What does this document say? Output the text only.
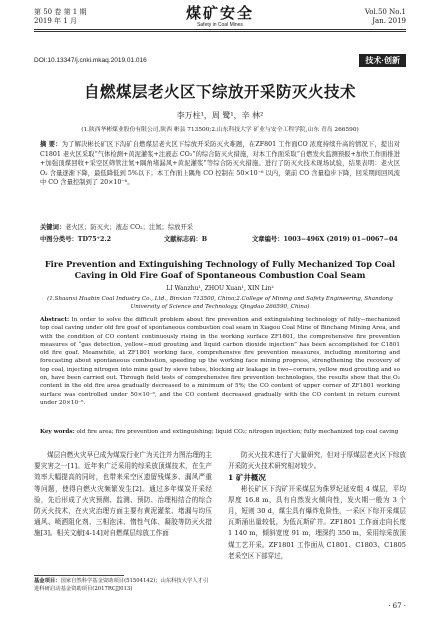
第 50 卷 第 1 期
2019 年 1 月	煤矿安全
Safety in Coal Mines
Vol.50 No.1
Jan. 2019
DOI:10.13347/j.cnki.mkaq.2019.01.016	技术·创新
自燃煤层老火区下综放开采防灭火技术
李万柱¹，周 鹭¹，辛 林²
(1.陕西华彬煤业股份有限公司,陕西 彬县 713500;2.山东科技大学 矿业与安全工程学院,山东 青岛 266590)
摘 要：为了解决彬长矿区下沟矿自燃煤层老火区下综放开采防灭火难题，在ZF801 工作面CO 浓度持续升高的情况下，提出对 C1801 老火区采取“气体检测+黄泥灌浆+注液态 CO₂”的综合防灭火措施，对本工作面采取“自燃发火监测预报+加快工作面推进+加强顶煤回收+采空区筛管注氮+隅角堵漏风+黄泥灌浆”等综合防灭火措施。进行了防灭火技术现场试验，结果表明：老火区 O₂ 含量逐渐下降，最低降低到 5%以下；本工作面上隅角 CO 控制在 50×10⁻⁶ 以内，架前 CO 含量稳步下降，回采期间回风流中 CO 含量控制到了 20×10⁻⁶。
关键词：老火区；防灭火；液态 CO₂；注氮；综放开采
中图分类号：TD75⁺2.2	文献标志码：B	文章编号：1003−496X (2019) 01−0067−04
Fire Prevention and Extinguishing Technology of Fully Mechanized Top Coal Caving in Old Fire Goaf of Spontaneous Combustion Coal Seam
LI Wanzhu¹, ZHOU Xuan¹, XIN Lin²
(1.Shaanxi Huabin Coal Industry Co., Ltd., Binxian 713500, China;2.College of Mining and Safety Engineering, Shandong University of Science and Technology, Qingdao 266590, China)
Abstract: In order to solve the difficult problem about fire prevention and extinguishing technology of fully−mechanized top coal caving under old fire goaf of spontaneous combustion coal seam in Xiagou Coal Mine of Binchang Mining Area, and with the condition of CO content continuously rising in the working surface ZF1801, the comprehensive fire prevention measures of “gas detection, yellow−mud grouting and liquid carbon dioxide injection” has been accomplished for C1801 old fire goaf. Meanwhile, at ZF1801 working face, comprehensive fire prevention measures, including monitoring and forecasting about spontaneous combustion, speeding up the working face mining progress, strengthening the recovery of top coal, injecting nitrogen into mine goaf by sieve tubes, blocking air leakage in two−corners, yellow mud grouting and so on, have been carried out. Through field tests of comprehensive fire prevention technologies, the results show that the O₂ content in the old fire area gradually decreased to a minimum of 5%; the CO content of upper corner of ZF1801 working surface was controlled under 50×10⁻⁶, and the CO content decreased gradually with the CO content in return current under 20×10⁻⁶.
Key words: old fire area; fire prevention and extinguishing; liquid CO₂; nitrogen injection; fully mechanized top coal caving

煤层自燃火灾早已成为煤炭行业广为关注并力图治理的主要灾害之一[1]。近年来广泛采用的综采放顶煤技术，在生产效率大幅提高的同时，也带来采空区遗留残煤多、漏风严重等问题，使得自燃火灾频繁发生[2]。通过多年煤炭开采经验，先后形成了火灾预测、监测、预防、治理相结合的综合防灭火技术，在火灾治理方面主要有黄泥灌浆、堵漏与均压通风、喷洒阻化剂、三相泡沫、惰性气体、凝胶等防灭火措施[3]。相关文献[4-14]对自燃煤层综放工作面

防灭火技术进行了大量研究，但对于厚煤层老火区下综放开采防灭火技术研究相对较少。

1 矿井概况

彬长矿区下沟矿开采煤层为侏罗纪延安组 4 煤层，平均厚度 16.8 m，具有自然发火倾向性，发火期一般为 3 个月，短则 30 d，煤尘具有爆炸危险性，一采区下综开采煤层瓦斯涌出量较低，为低瓦斯矿井。ZF1801 工作面走向长度 1 140 m，倾斜宽度 91 m，埋深约 350 m，采用综采放顶煤工艺开采。ZF1801 工作面从 C1801、C1803、C1805 老采空区下部穿过，

基金项目：国家自然科学基金资助项目(51504142)；山东科技大学人才引进科研启动基金资助项目(2017RCJJ013)
· 67 ·
